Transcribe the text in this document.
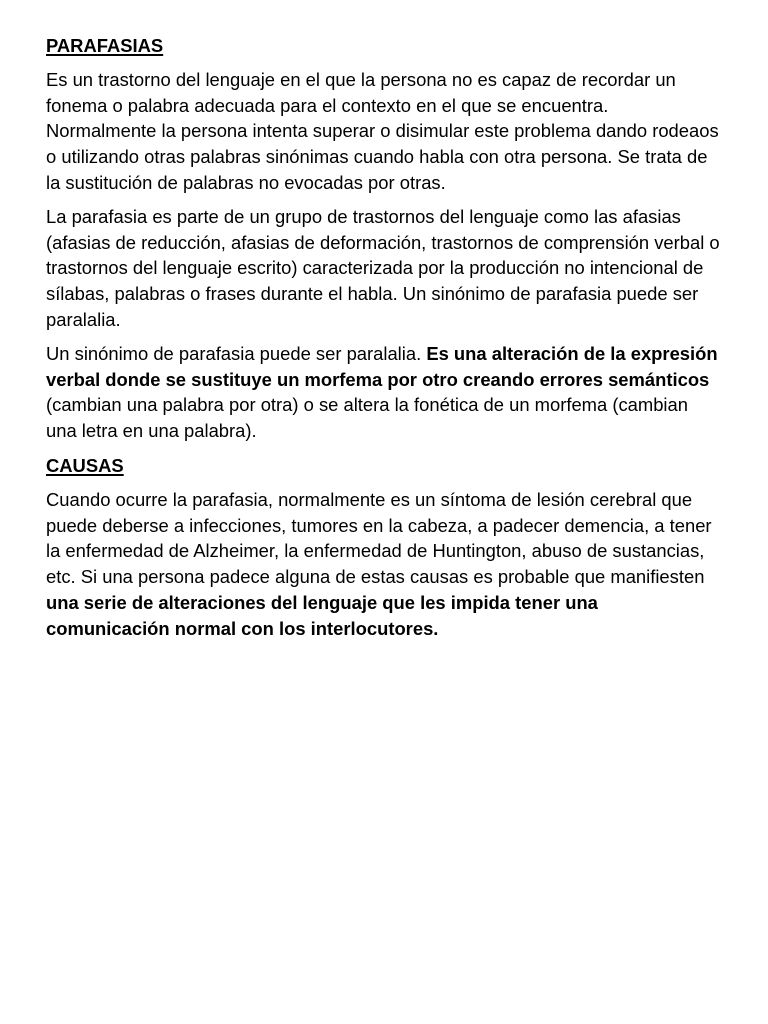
PARAFASIAS

Es un trastorno del lenguaje en el que la persona no es capaz de recordar un fonema o palabra adecuada para el contexto en el que se encuentra. Normalmente la persona intenta superar o disimular este problema dando rodeaos o utilizando otras palabras sinónimas cuando habla con otra persona. Se trata de la sustitución de palabras no evocadas por otras.

La parafasia es parte de un grupo de trastornos del lenguaje como las afasias (afasias de reducción, afasias de deformación, trastornos de comprensión verbal o trastornos del lenguaje escrito) caracterizada por la producción no intencional de sílabas, palabras o frases durante el habla. Un sinónimo de parafasia puede ser paralalia.

Un sinónimo de parafasia puede ser paralalia. Es una alteración de la expresión verbal donde se sustituye un morfema por otro creando errores semánticos (cambian una palabra por otra) o se altera la fonética de un morfema (cambian una letra en una palabra).

CAUSAS

Cuando ocurre la parafasia, normalmente es un síntoma de lesión cerebral que puede deberse a infecciones, tumores en la cabeza, a padecer demencia, a tener la enfermedad de Alzheimer, la enfermedad de Huntington, abuso de sustancias, etc. Si una persona padece alguna de estas causas es probable que manifiesten una serie de alteraciones del lenguaje que les impida tener una comunicación normal con los interlocutores.
